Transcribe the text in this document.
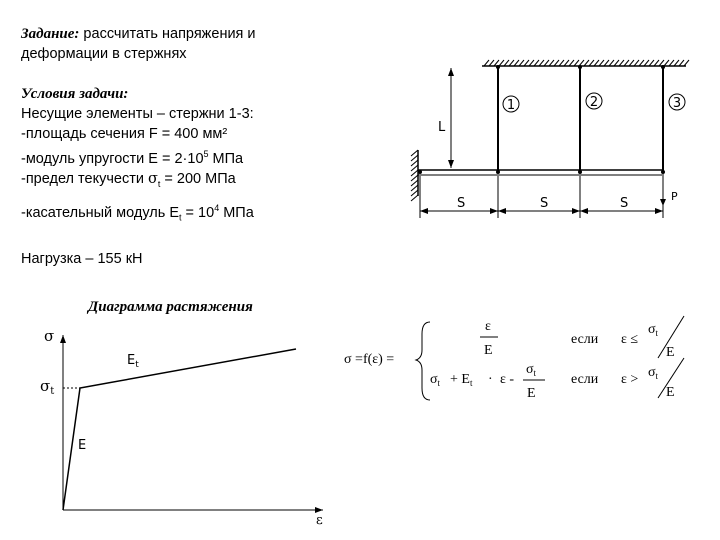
Задание: рассчитать напряжения и

деформации в стержнях

Условия задачи:

Несущие элементы – стержни 1-3:

-площадь сечения F = 400 мм²

-модуль упругости $Е = 2\cdot 10^5$ МПа

-предел текучести $\sigma_t = 200$ МПа

-касательный модуль $E_t = 10^4$ МПа

Нагрузка – 155 кН

1	2	3
L
S	S	S	P
σ
ε
$\sigma_t$
E
$E_t$	σ =f(ε) =
ε
E
если ε ≤
$\sigma_t$
E
$\sigma_t + E_t \cdot \varepsilon$ -
$\sigma_t$
E
если $\varepsilon > \sigma_t$
E
Диаграмма растяжения
